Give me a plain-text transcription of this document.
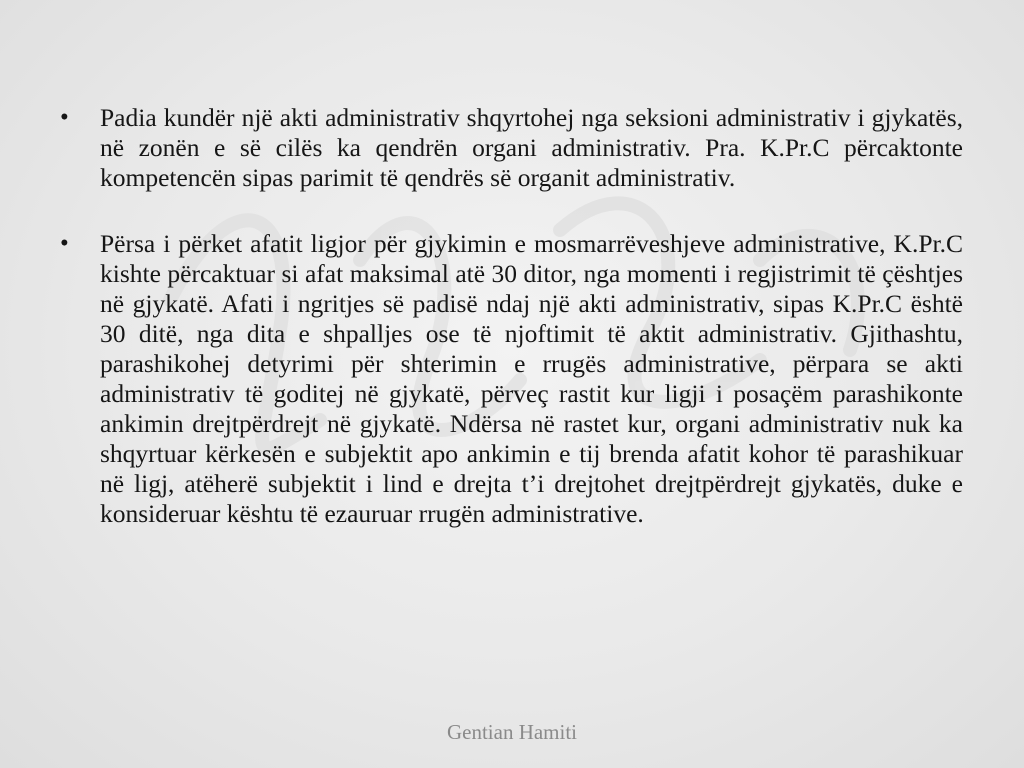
•	Padia kundër një akti administrativ shqyrtohej nga seksioni administrativ i gjykatës, në zonën e së cilës ka qendrën organi administrativ. Pra. K.Pr.C përcaktonte kompetencën sipas parimit të qendrës së organit administrativ.
•	Përsa i përket afatit ligjor për gjykimin e mosmarrëveshjeve administrative, K.Pr.C kishte përcaktuar si afat maksimal atë 30 ditor, nga momenti i regjistrimit të çështjes në gjykatë. Afati i ngritjes së padisë ndaj një akti administrativ, sipas K.Pr.C është 30 ditë, nga dita e shpalljes ose të njoftimit të aktit administrativ. Gjithashtu, parashikohej detyrimi për shterimin e rrugës administrative, përpara se akti administrativ të goditej në gjykatë, përveç rastit kur ligji i posaçëm parashikonte ankimin drejtpërdrejt në gjykatë. Ndërsa në rastet kur, organi administrativ nuk ka shqyrtuar kërkesën e subjektit apo ankimin e tij brenda afatit kohor të parashikuar në ligj, atëherë subjektit i lind e drejta t’i drejtohet drejtpërdrejt gjykatës, duke e konsideruar kështu të ezauruar rrugën administrative.
Gentian Hamiti
